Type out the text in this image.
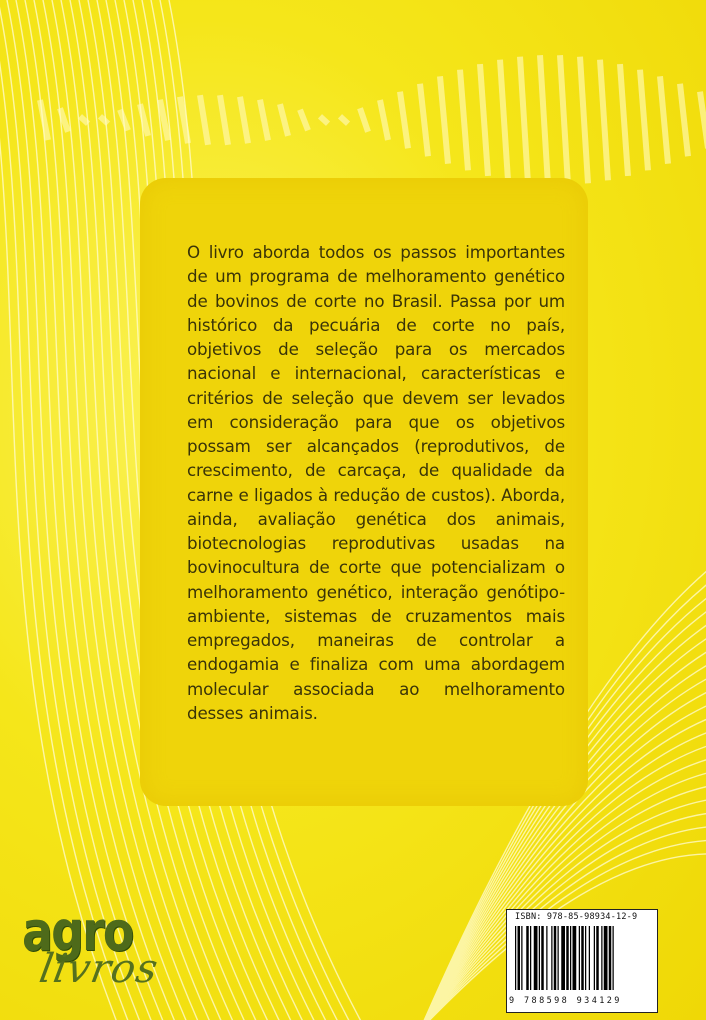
O livro aborda todos os passos importantes de um programa de melhoramento genético de bovinos de corte no Brasil. Passa por um histórico da pecuária de corte no país, objetivos de seleção para os mercados nacional e internacional, características e critérios de seleção que devem ser levados em consideração para que os objetivos possam ser alcançados (reprodutivos, de crescimento, de carcaça, de qualidade da carne e ligados à redução de custos). Aborda, ainda, avaliação genética dos animais, biotecnologias reprodutivas usadas na bovinocultura de corte que potencializam o melhoramento genético, interação genótipo-ambiente, sistemas de cruzamentos mais empregados, maneiras de controlar a endogamia e finaliza com uma abordagem molecular associada ao melhoramento desses animais.

agro
livros
ISBN: 978-85-98934-12-9
9 788598 934129
